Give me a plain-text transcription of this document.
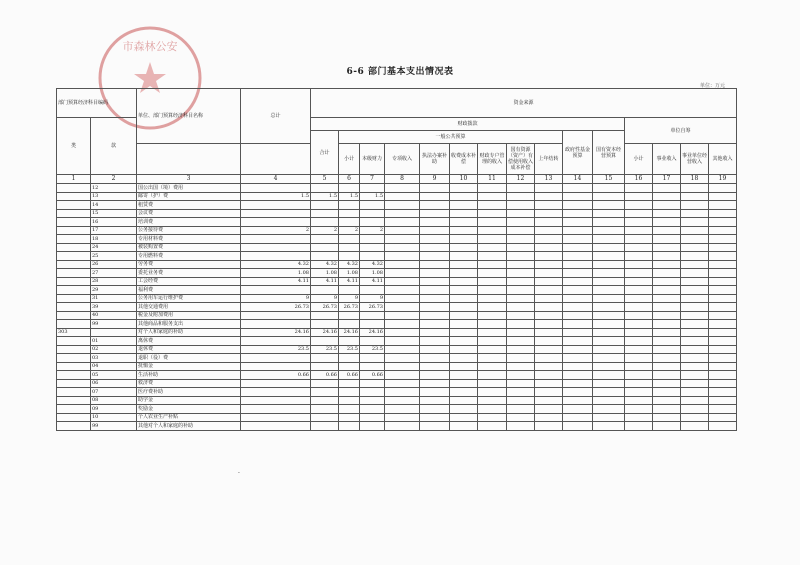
市森林公安
6-6 部门基本支出情况表
单位：万元
部门预算经济科目编码		单位、部门预算经济科目名称	总计	资金来源														
类	款			财政拨款											单位自筹			
				合计	一般公共预算								政府性基金预算	国有资本经营预算				
					小计	本级财力	专项收入	执法办案补助	收费成本补偿	财政专户管理的收入	国有资源（资产）有偿使用收入成本补偿	上年结转			小计	事业收入	事业单位经营收入	其他收入
1	2	3	4	5	6	7	8	9	10	11	12	13	14	15	16	17	18	19
	12	国公出国（境）费用																
	13	邮寄（护）费	1.5	1.5	1.5	1.5												
	14	租赁费																
	15	会议费																
	16	培训费																
	17	公务接待费	2	2	2	2												
	18	专用材料费																
	24	被装购置费																
	25	专用燃料费																
	26	劳务费	4.32	4.32	4.32	4.32												
	27	委托业务费	1.08	1.08	1.08	1.08												
	28	工会经费	4.11	4.11	4.11	4.11												
	29	福利费																
	31	公务用车运行维护费	9	9	9	9												
	39	其他交通费用	26.73	26.73	26.73	26.73												
	40	税金及附加费用																
	99	其他商品和服务支出																
303		对个人和家庭的补助	24.16	24.16	24.16	24.16												
	01	离休费																
	02	退休费	23.5	23.5	23.5	23.5												
	03	退职（役）费																
	04	抚恤金																
	05	生活补助	0.66	0.66	0.66	0.66												
	06	救济费																
	07	医疗费补助																
	08	助学金																
	09	奖励金																
	10	个人农业生产补贴																
	99	其他对个人和家庭的补助																
.
